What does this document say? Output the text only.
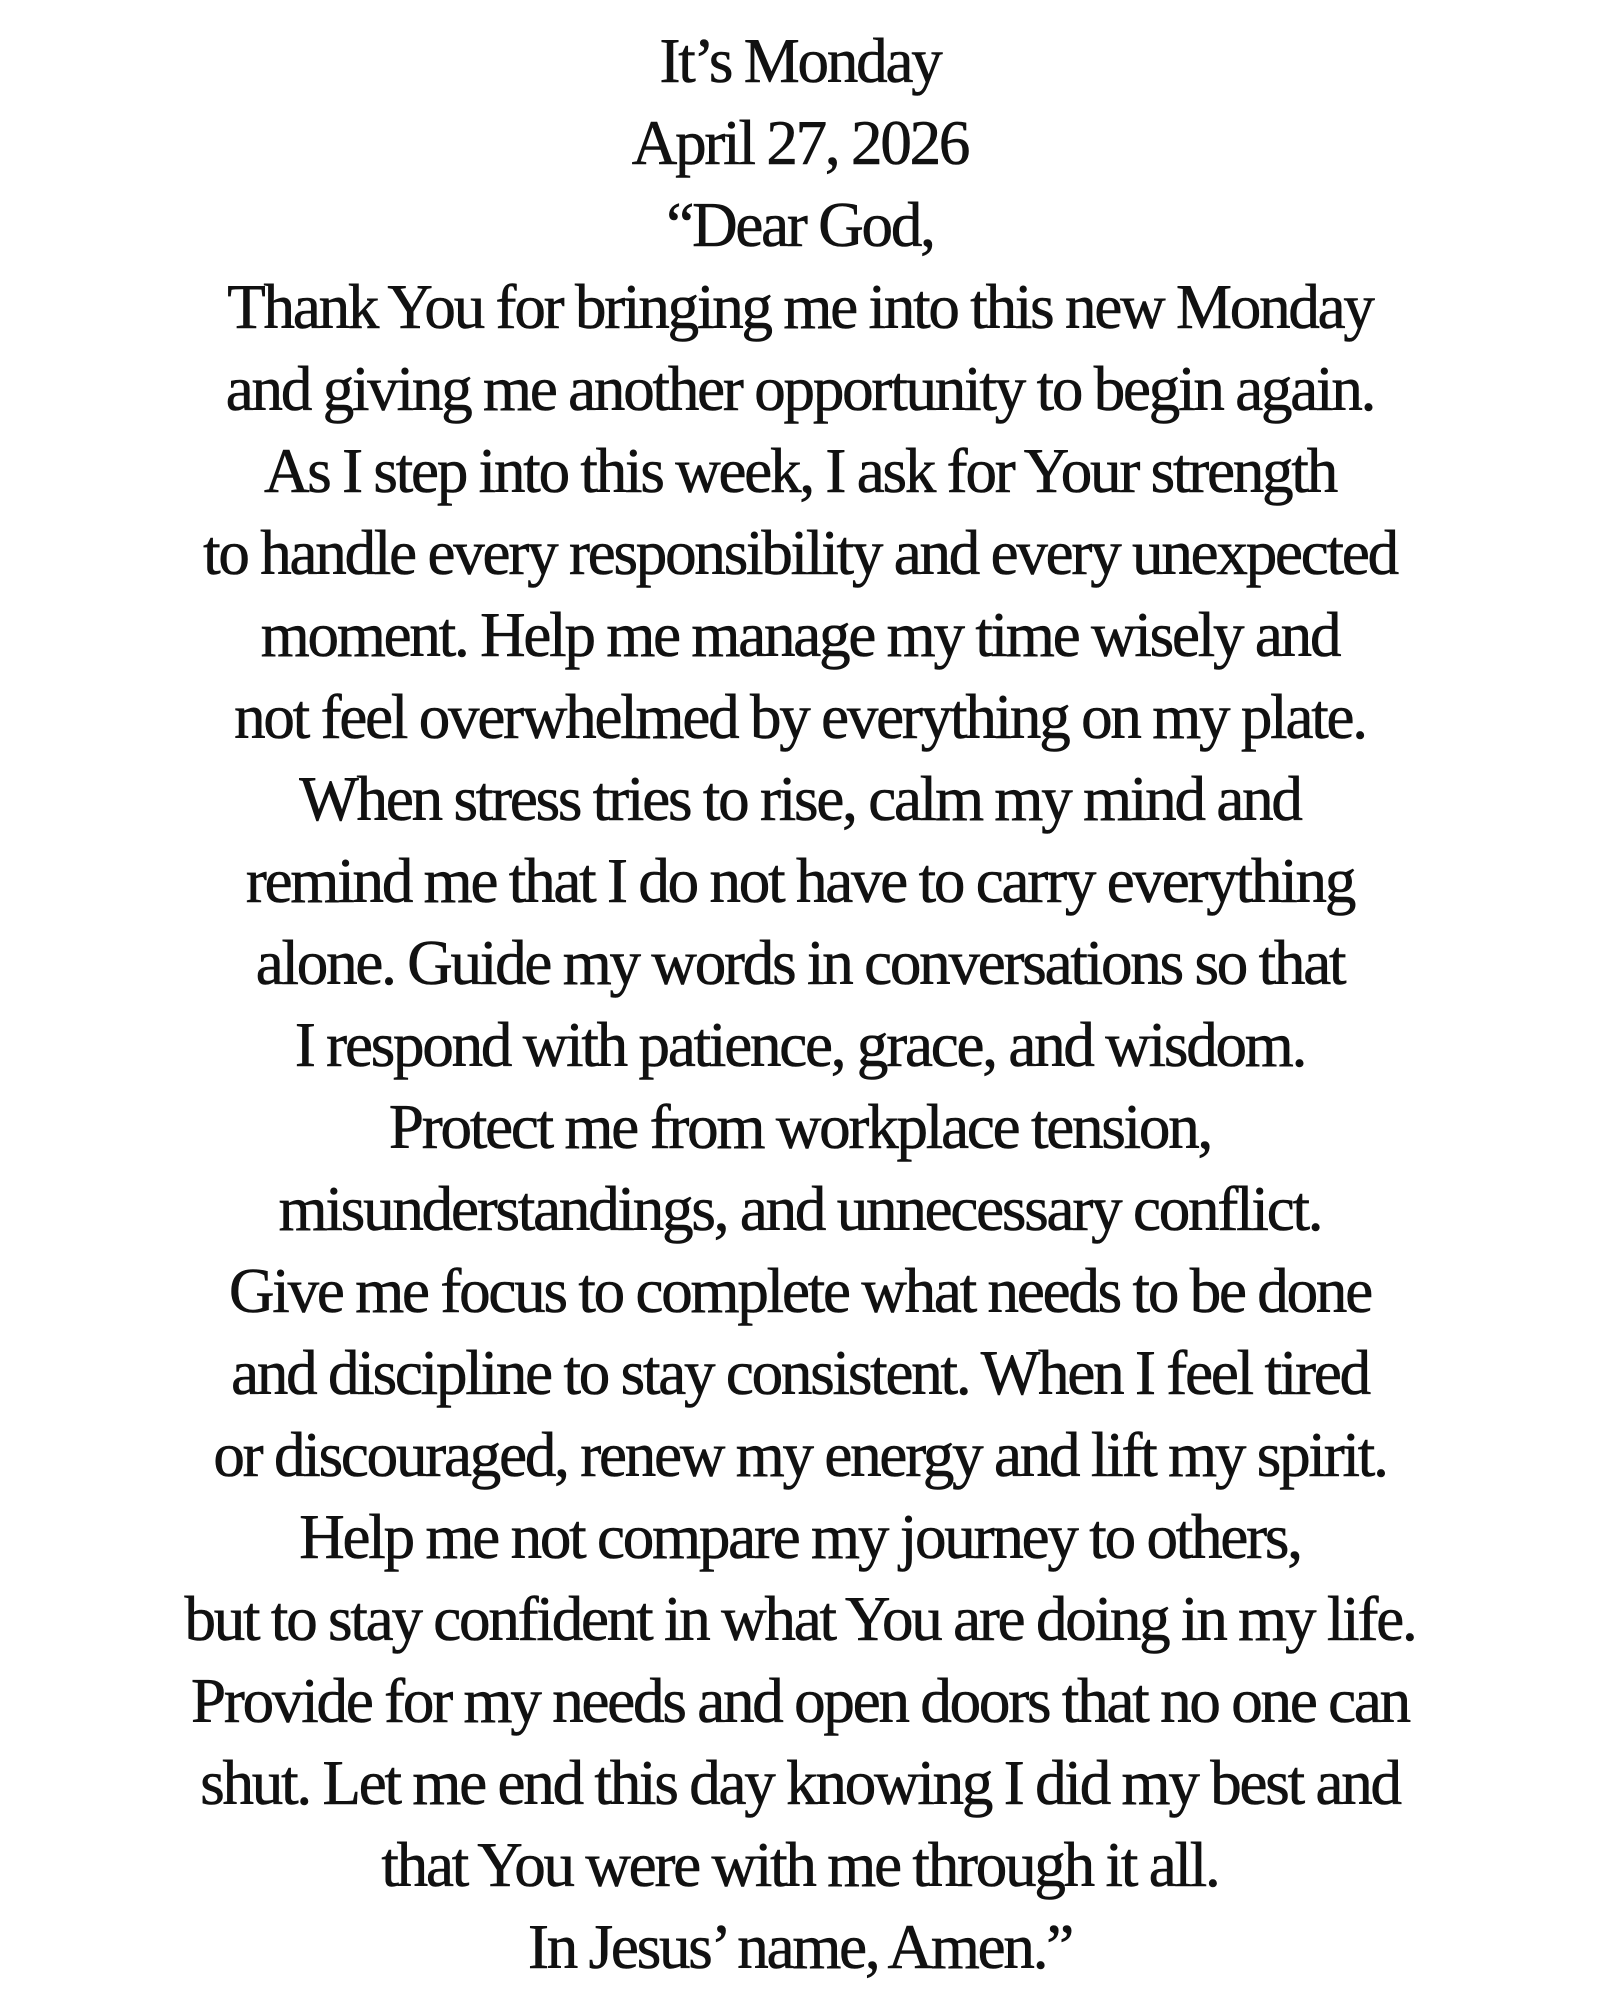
It’s Monday
April 27, 2026
“Dear God,
Thank You for bringing me into this new Monday
and giving me another opportunity to begin again.
As I step into this week, I ask for Your strength
to handle every responsibility and every unexpected
moment. Help me manage my time wisely and
not feel overwhelmed by everything on my plate.
When stress tries to rise, calm my mind and
remind me that I do not have to carry everything
alone. Guide my words in conversations so that
I respond with patience, grace, and wisdom.
Protect me from workplace tension,
misunderstandings, and unnecessary conflict.
Give me focus to complete what needs to be done
and discipline to stay consistent. When I feel tired
or discouraged, renew my energy and lift my spirit.
Help me not compare my journey to others,
but to stay confident in what You are doing in my life.
Provide for my needs and open doors that no one can
shut. Let me end this day knowing I did my best and
that You were with me through it all.
In Jesus’ name, Amen.”
